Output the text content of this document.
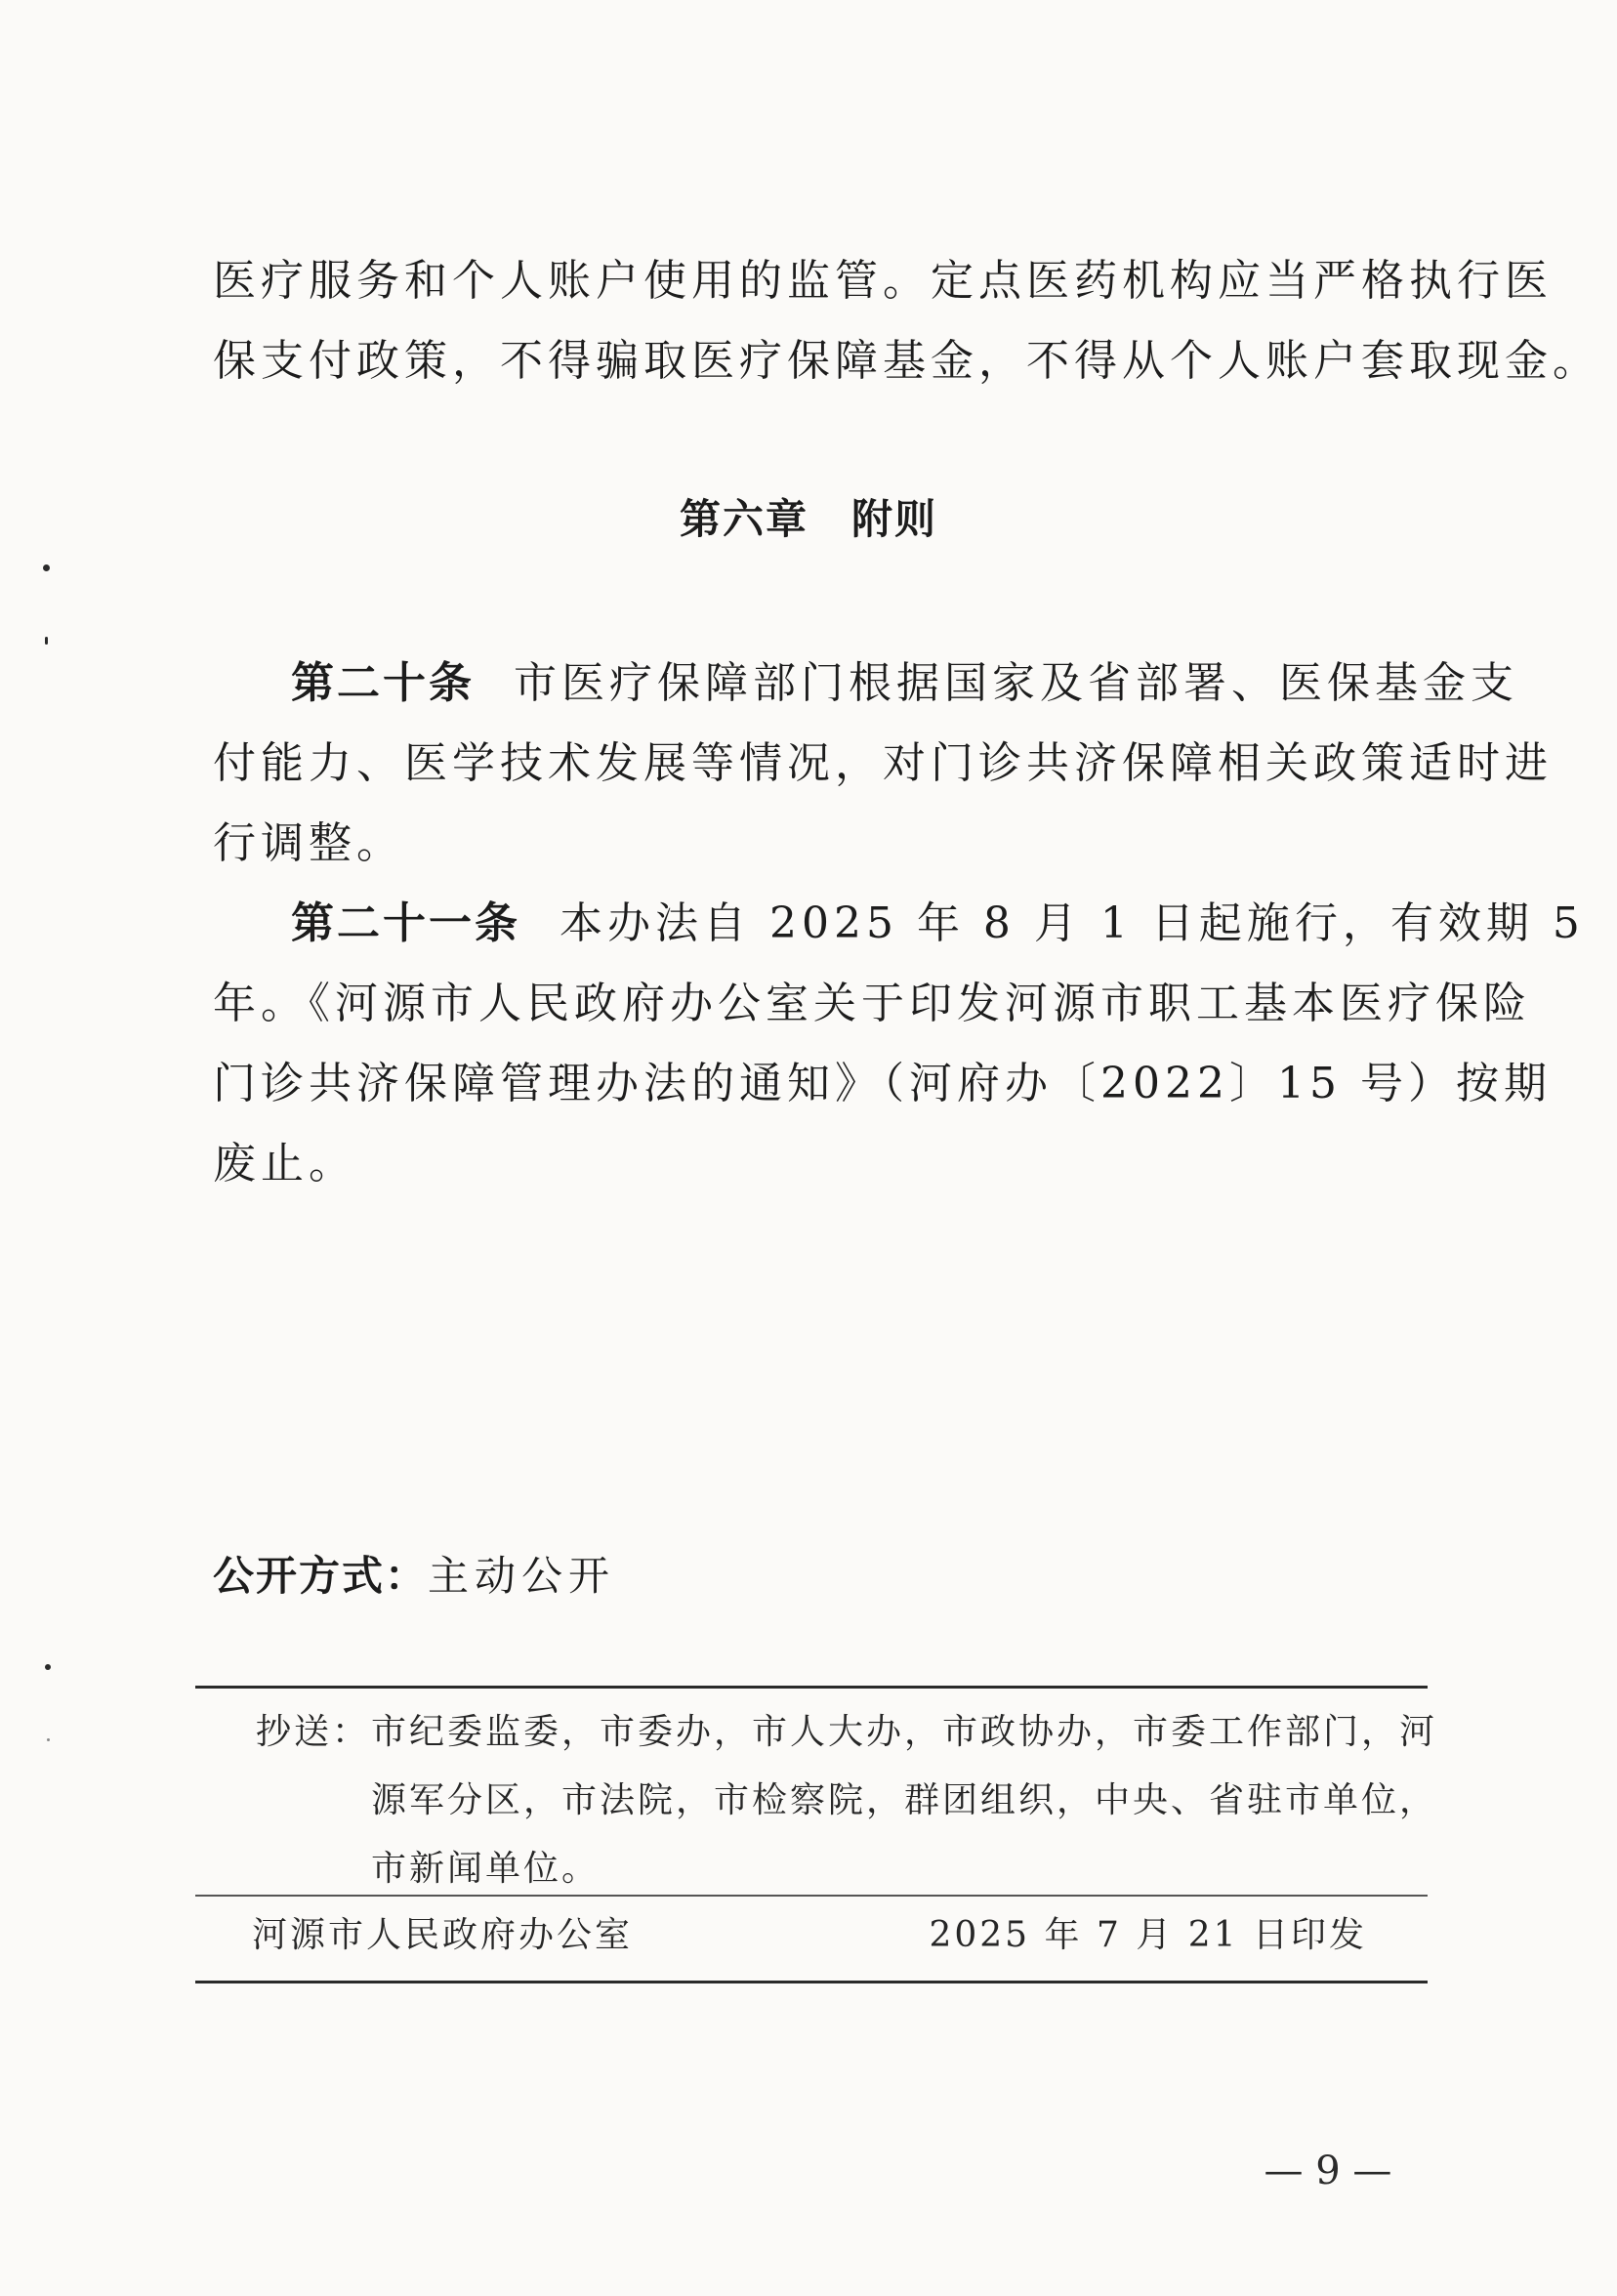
医疗服务和个人账户使用的监管。定点医药机构应当严格执行医
保支付政策，不得骗取医疗保障基金，不得从个人账户套取现金。
第六章 附则
第二十条 市医疗保障部门根据国家及省部署、医保基金支
付能力、医学技术发展等情况，对门诊共济保障相关政策适时进
行调整。
第二十一条 本办法自 2025 年 8 月 1 日起施行，有效期 5
年。《河源市人民政府办公室关于印发河源市职工基本医疗保险
门诊共济保障管理办法的通知》（河府办〔2022〕15 号）按期
废止。
公开方式：主动公开
抄送： 市纪委监委，市委办，市人大办，市政协办，市委工作部门，河
源军分区，市法院，市检察院，群团组织，中央、省驻市单位，
市新闻单位。
河源市人民政府办公室	2025 年 7 月 21 日印发
— 9 —
